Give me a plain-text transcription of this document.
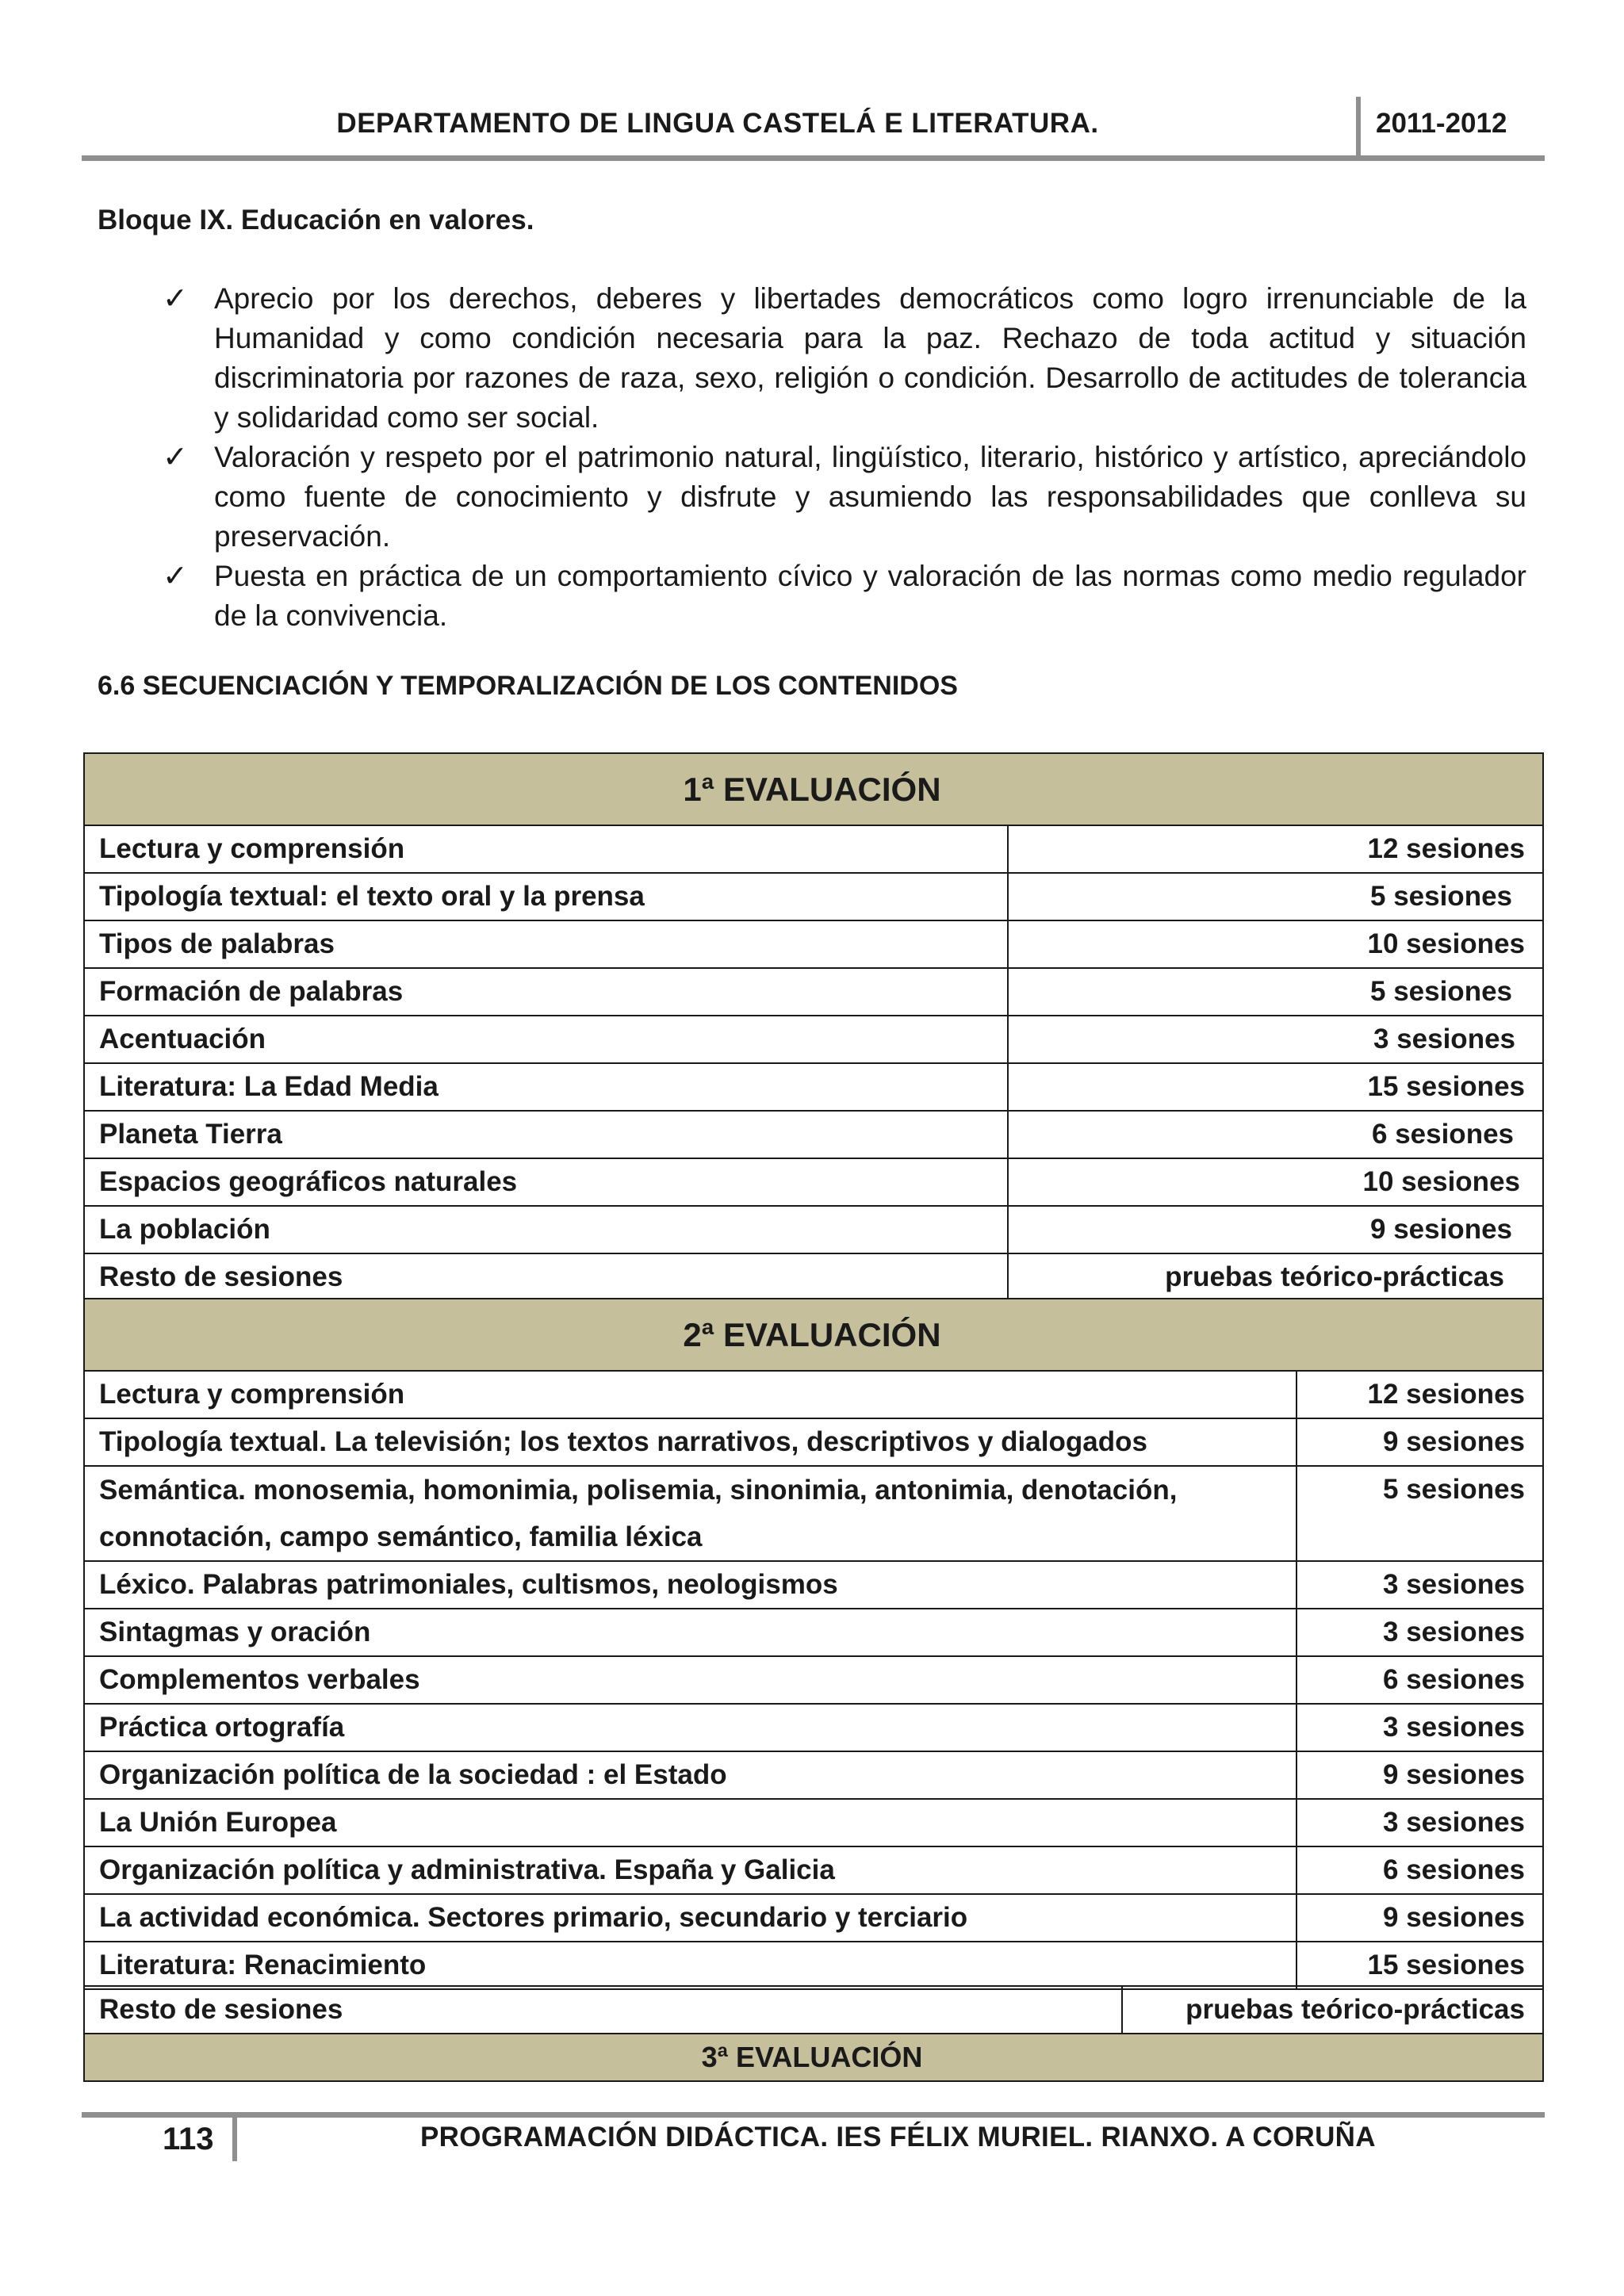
DEPARTAMENTO DE LINGUA CASTELÁ E LITERATURA.	2011-2012
Bloque IX. Educación en valores.
✓ Aprecio por los derechos, deberes y libertades democráticos como logro irrenunciable de la Humanidad y como condición necesaria para la paz. Rechazo de toda actitud y situación discriminatoria por razones de raza, sexo, religión o condición. Desarrollo de actitudes de tolerancia y solidaridad como ser social.
✓ Valoración y respeto por el patrimonio natural, lingüístico, literario, histórico y artístico, apreciándolo como fuente de conocimiento y disfrute y asumiendo las responsabilidades que conlleva su preservación.
✓ Puesta en práctica de un comportamiento cívico y valoración de las normas como medio regulador de la convivencia.
6.6 SECUENCIACIÓN Y TEMPORALIZACIÓN DE LOS CONTENIDOS
1ª EVALUACIÓN	
Lectura y comprensión	12 sesiones
Tipología textual: el texto oral y la prensa	5 sesiones
Tipos de palabras	10 sesiones
Formación de palabras	5 sesiones
Acentuación	3 sesiones
Literatura: La Edad Media	15 sesiones
Planeta Tierra	6 sesiones
Espacios geográficos naturales	10 sesiones
La población	9 sesiones
Resto de sesiones	pruebas teórico-prácticas
2ª EVALUACIÓN	
Lectura y comprensión	12 sesiones
Tipología textual. La televisión; los textos narrativos, descriptivos y dialogados	9 sesiones
Semántica. monosemia, homonimia, polisemia, sinonimia, antonimia, denotación, connotación, campo semántico, familia léxica	5 sesiones
Léxico. Palabras patrimoniales, cultismos, neologismos	3 sesiones
Sintagmas y oración	3 sesiones
Complementos verbales	6 sesiones
Práctica ortografía	3 sesiones
Organización política de la sociedad : el Estado	9 sesiones
La Unión Europea	3 sesiones
Organización política y administrativa. España y Galicia	6 sesiones
La actividad económica. Sectores primario, secundario y terciario	9 sesiones
Literatura: Renacimiento	15 sesiones
Resto de sesiones	pruebas teórico-prácticas
3ª EVALUACIÓN
113	PROGRAMACIÓN DIDÁCTICA. IES FÉLIX MURIEL. RIANXO. A CORUÑA
